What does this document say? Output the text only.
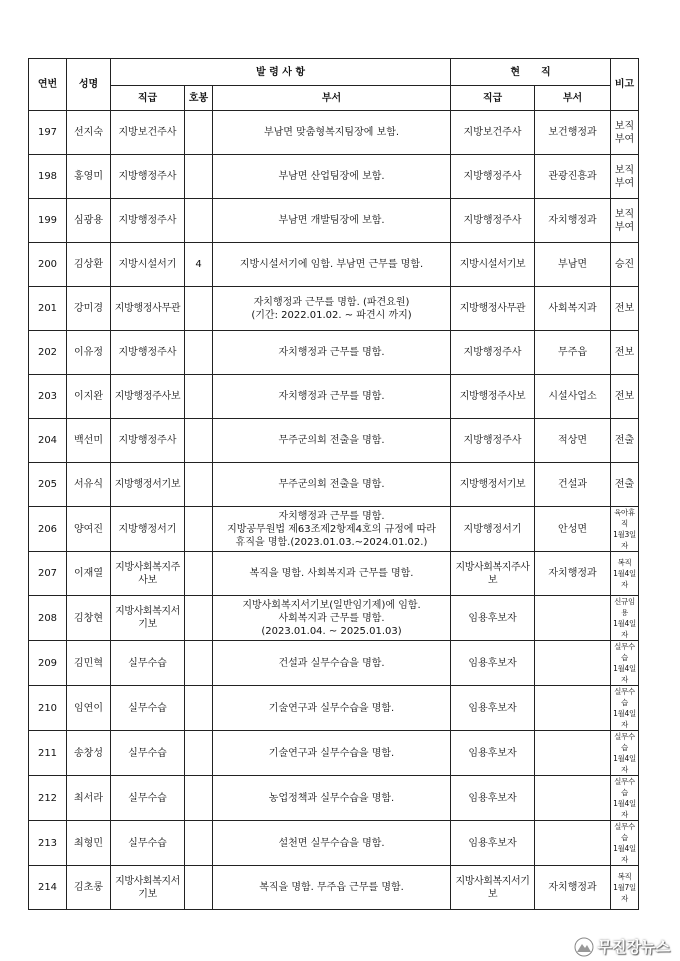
연번	성명	발 령 사 항			현      직		비고
		직급	호봉	부서	직급	부서	
197	선지숙	지방보건주사		부남면 맞춤형복지팀장에 보함.	지방보건주사	보건행정과	보직
부여

198	홍영미	지방행정주사		부남면 산업팀장에 보함.	지방행정주사	관광진흥과	보직
부여

199	심광용	지방행정주사		부남면 개발팀장에 보함.	지방행정주사	자치행정과	보직
부여

200	김상환	지방시설서기	4	지방시설서기에 임함. 부남면 근무를 명함.	지방시설서기보	부남면	승진

201	강미경	지방행정사무관		자치행정과 근무를 명함. (파견요원)
(기간: 2022.01.02. ~ 파견시 까지)	지방행정사무관	사회복지과	전보

202	이유정	지방행정주사		자치행정과 근무를 명함.	지방행정주사	무주읍	전보

203	이지완	지방행정주사보		자치행정과 근무를 명함.	지방행정주사보	시설사업소	전보

204	백선미	지방행정주사		무주군의회 전출을 명함.	지방행정주사	적상면	전출

205	서유식	지방행정서기보		무주군의회 전출을 명함.	지방행정서기보	건설과	전출

206	양여진	지방행정서기		자치행정과 근무를 명함.
지방공무원법 제63조제2항제4호의 규정에 따라
휴직을 명함.(2023.01.03.~2024.01.02.)	지방행정서기	안성면	육아휴직
1월3일자

207	이재열	지방사회복지주사보		복직을 명함. 사회복지과 근무를 명함.	지방사회복지주사보	자치행정과	복직
1월4일자

208	김창현	지방사회복지서기보		지방사회복지서기보(일반임기제)에 임함.
사회복지과 근무를 명함.
(2023.01.04. ~ 2025.01.03)	임용후보자		신규임용
1월4일자

209	김민혁	실무수습		건설과 실무수습을 명함.	임용후보자		실무수습
1월4일자

210	임연이	실무수습		기술연구과 실무수습을 명함.	임용후보자		실무수습
1월4일자

211	송창성	실무수습		기술연구과 실무수습을 명함.	임용후보자		실무수습
1월4일자

212	최서라	실무수습		농업정책과 실무수습을 명함.	임용후보자		실무수습
1월4일자

213	최형민	실무수습		설천면 실무수습을 명함.	임용후보자		실무수습
1월4일자

214	김초롱	지방사회복지서기보		복직을 명함. 무주읍 근무를 명함.	지방사회복지서기보	자치행정과	복직
1월7일자
무진장뉴스
